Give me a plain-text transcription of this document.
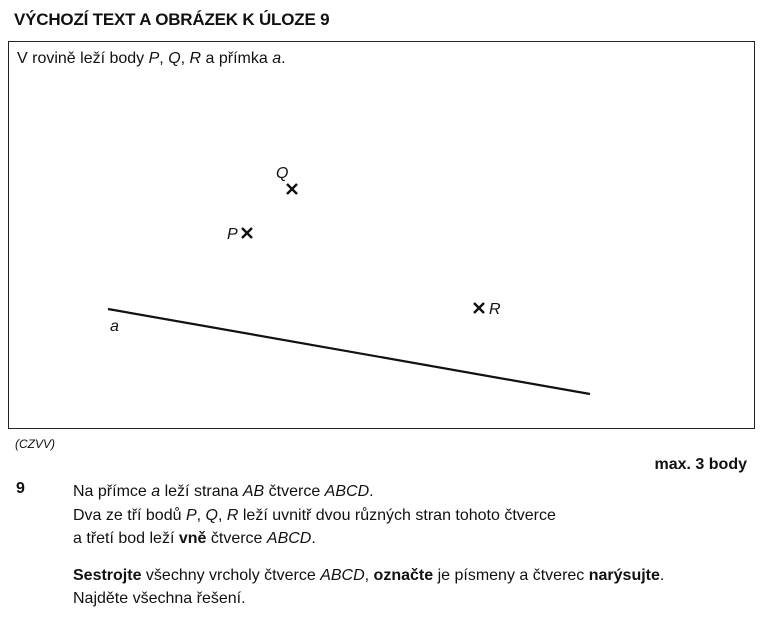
VÝCHOZÍ TEXT A OBRÁZEK K ÚLOZE 9
V rovině leží body P, Q, R a přímka a.
a
Q
P
R
(CZVV)
max. 3 body
9	Na přímce a leží strana AB čtverce ABCD.

Dva ze tří bodů P, Q, R leží uvnitř dvou různých stran tohoto čtverce

a třetí bod leží vně čtverce ABCD.

Sestrojte všechny vrcholy čtverce ABCD, označte je písmeny a čtverec narýsujte.

Najděte všechna řešení.
